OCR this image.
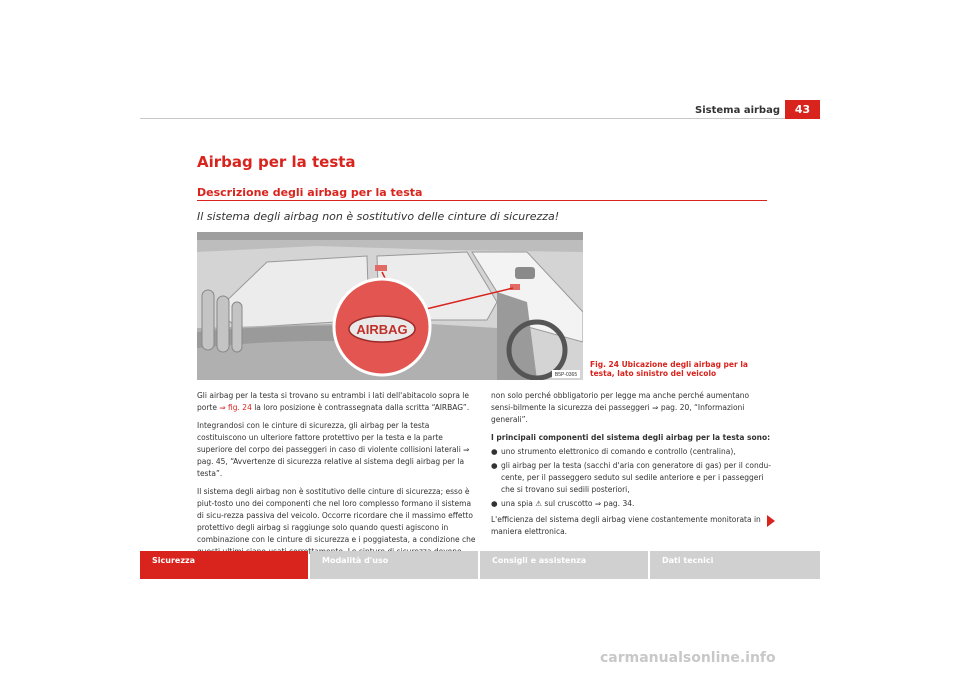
Sistema airbag	43
Airbag per la testa
Descrizione degli airbag per la testa
Il sistema degli airbag non è sostitutivo delle cinture di sicurezza!
AIRBAG
B5P-0365
Fig. 24 Ubicazione degli airbag per la testa, lato sinistro del veicolo

Gli airbag per la testa si trovano su entrambi i lati dell'abitacolo sopra le porte ⇒ fig. 24 la loro posizione è contrassegnata dalla scritta “AIRBAG”.

Integrandosi con le cinture di sicurezza, gli airbag per la testa costituiscono un ulteriore fattore protettivo per la testa e la parte superiore del corpo dei passeggeri in caso di violente collisioni laterali ⇒ pag. 45, “Avvertenze di sicurezza relative al sistema degli airbag per la testa”.

Il sistema degli airbag non è sostitutivo delle cinture di sicurezza; esso è piut-tosto uno dei componenti che nel loro complesso formano il sistema di sicu-rezza passiva del veicolo. Occorre ricordare che il massimo effetto protettivo degli airbag si raggiunge solo quando questi agiscono in combinazione con le cinture di sicurezza e i poggiatesta, a condizione che

non solo perché obbligatorio per legge ma anche perché aumentano sensi-bilmente la sicurezza dei passeggeri ⇒ pag. 20, “Informazioni generali”.

I principali componenti del sistema degli airbag per la testa sono:

● uno strumento elettronico di comando e controllo (centralina),
● gli airbag per la testa (sacchi d'aria con generatore di gas) per il condu-cente, per il passeggero seduto sul sedile anteriore e per i passeggeri che si trovano sui sedili posteriori,
● una spia ⚠ sul cruscotto ⇒ pag. 34.

L'efficienza del sistema degli airbag viene costantemente monitorata in maniera elettronica.

Sicurezza	Modalità d'uso	Consigli e assistenza	Dati tecnici
carmanualsonline.info
